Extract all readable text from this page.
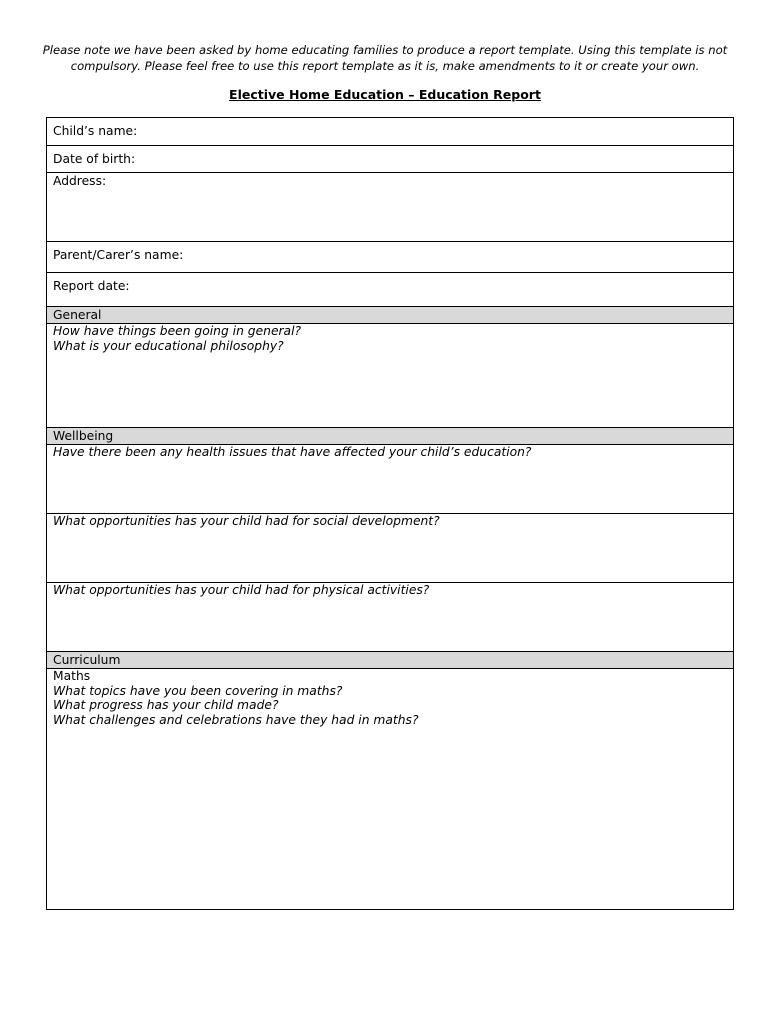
Please note we have been asked by home educating families to produce a report template. Using this template is not
compulsory. Please feel free to use this report template as it is, make amendments to it or create your own.

Elective Home Education – Education Report
Child’s name:
Date of birth:
Address:
Parent/Carer’s name:
Report date:
General

How have things been going in general?
What is your educational philosophy?

Wellbeing

Have there been any health issues that have affected your child’s education?

What opportunities has your child had for social development?

What opportunities has your child had for physical activities?

Curriculum

Maths
What topics have you been covering in maths?
What progress has your child made?
What challenges and celebrations have they had in maths?
